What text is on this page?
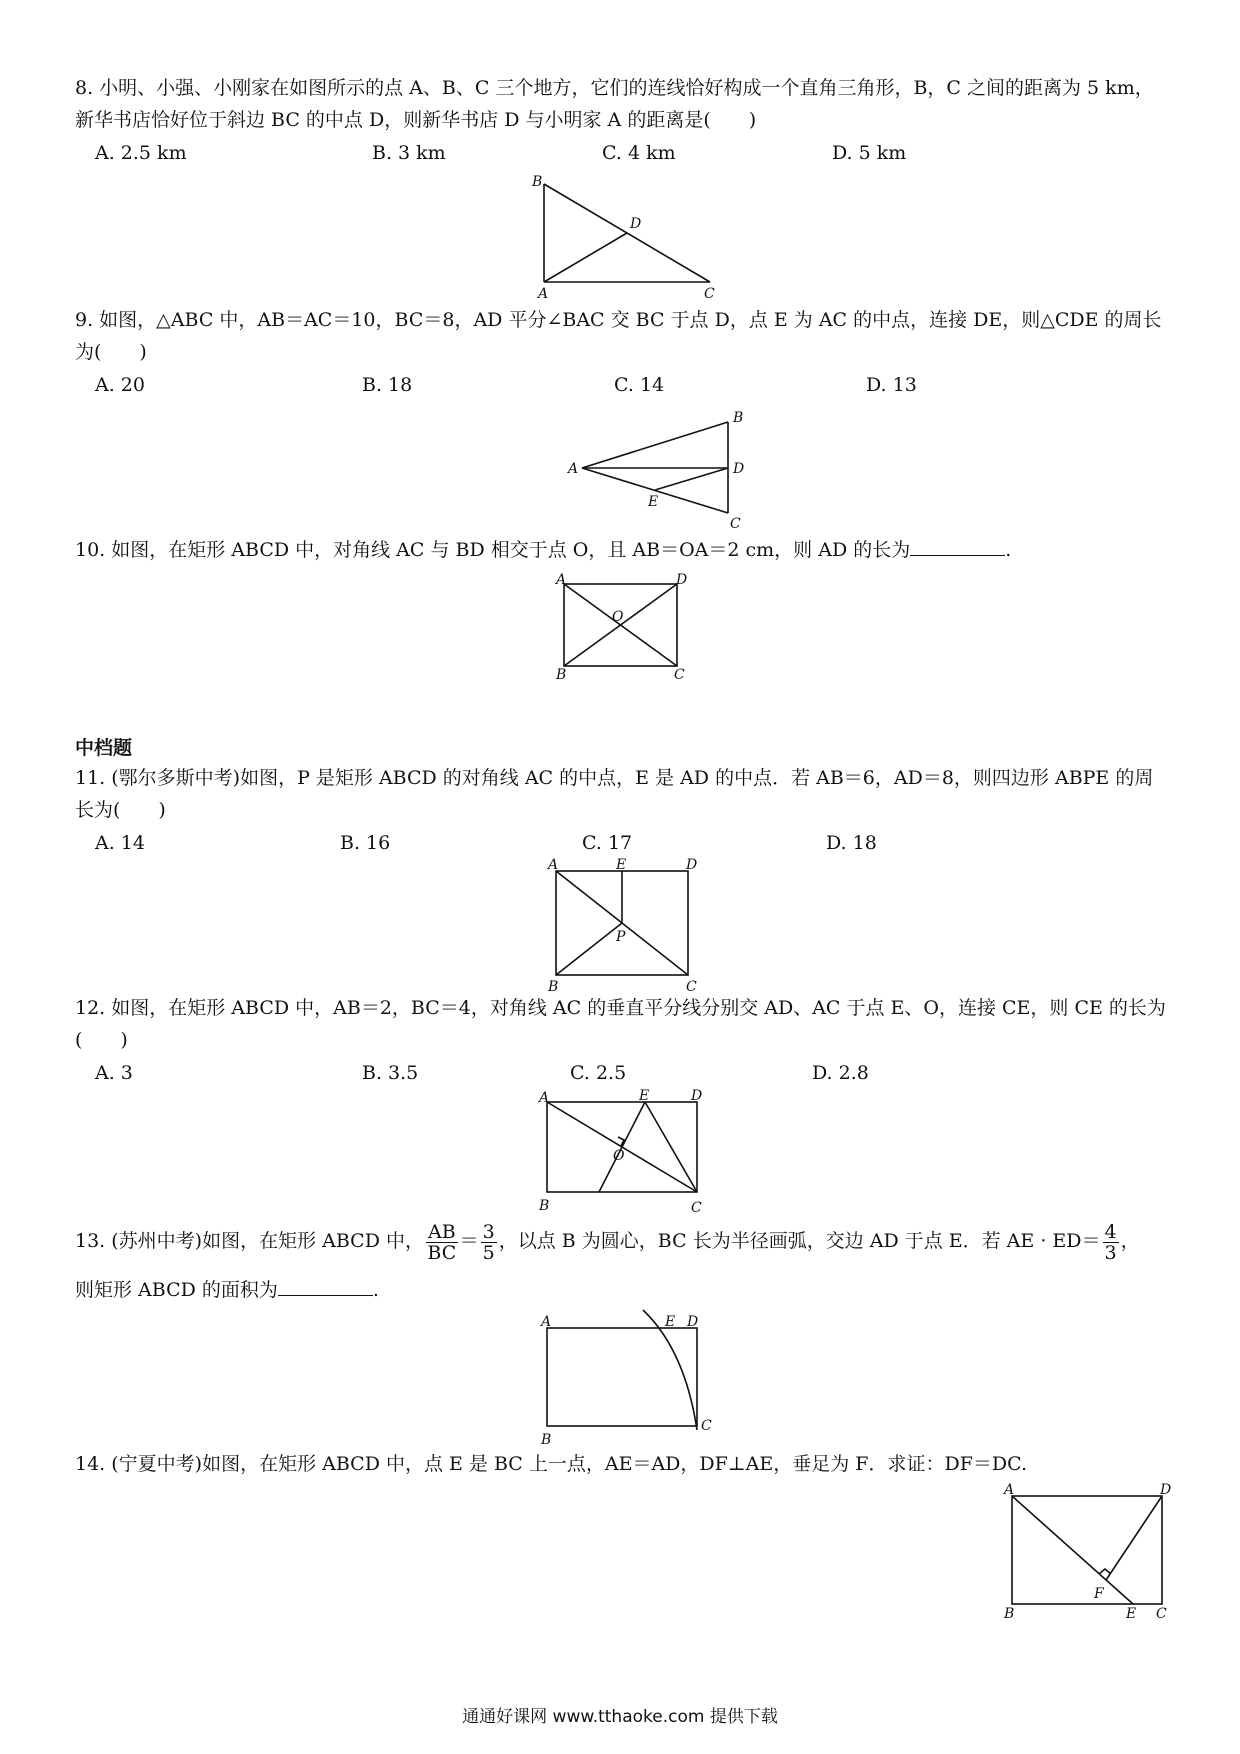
8. 小明、小强、小刚家在如图所示的点 A、B、C 三个地方，它们的连线恰好构成一个直角三角形，B，C 之间的距离为 5 km，新华书店恰好位于斜边 BC 的中点 D，则新华书店 D 与小明家 A 的距离是(　　)
A. 2.5 km	B. 3 km	C. 4 km	D. 5 km
B
A	C
D
9. 如图，△ABC 中，AB＝AC＝10，BC＝8，AD 平分∠BAC 交 BC 于点 D，点 E 为 AC 的中点，连接 DE，则△CDE 的周长为(　　)
A. 20	B. 18	C. 14	D. 13
B
A	D
E
C
10. 如图，在矩形 ABCD 中，对角线 AC 与 BD 相交于点 O，且 AB＝OA＝2 cm，则 AD 的长为	.
A	D
O
B	C
中档题
11. (鄂尔多斯中考)如图，P 是矩形 ABCD 的对角线 AC 的中点，E 是 AD 的中点．若 AB＝6，AD＝8，则四边形 ABPE 的周长为(　　)
A. 14	B. 16	C. 17	D. 18
A	E	D
P
B	C
12. 如图，在矩形 ABCD 中，AB＝2，BC＝4，对角线 AC 的垂直平分线分别交 AD、AC 于点 E、O，连接 CE，则 CE 的长为(　　)
A. 3	B. 3.5	C. 2.5	D. 2.8
A	E	D
O
B	C
13. (苏州中考)如图，在矩形 ABCD 中， $\frac{AB}{BC} = \frac{3}{5}$ ，以点 B 为圆心，BC 长为半径画弧，交边 AD 于点 E．若 AE · $ED= \frac{4}{3}$ ，
则矩形 ABCD 的面积为	.
A	E D
B
C
14. (宁夏中考)如图，在矩形 ABCD 中，点 E 是 BC 上一点，AE＝AD，DF⊥AE，垂足为 F．求证：DF＝DC.
A	D
F
B	E C
通通好课网 www.tthaoke.com 提供下载
